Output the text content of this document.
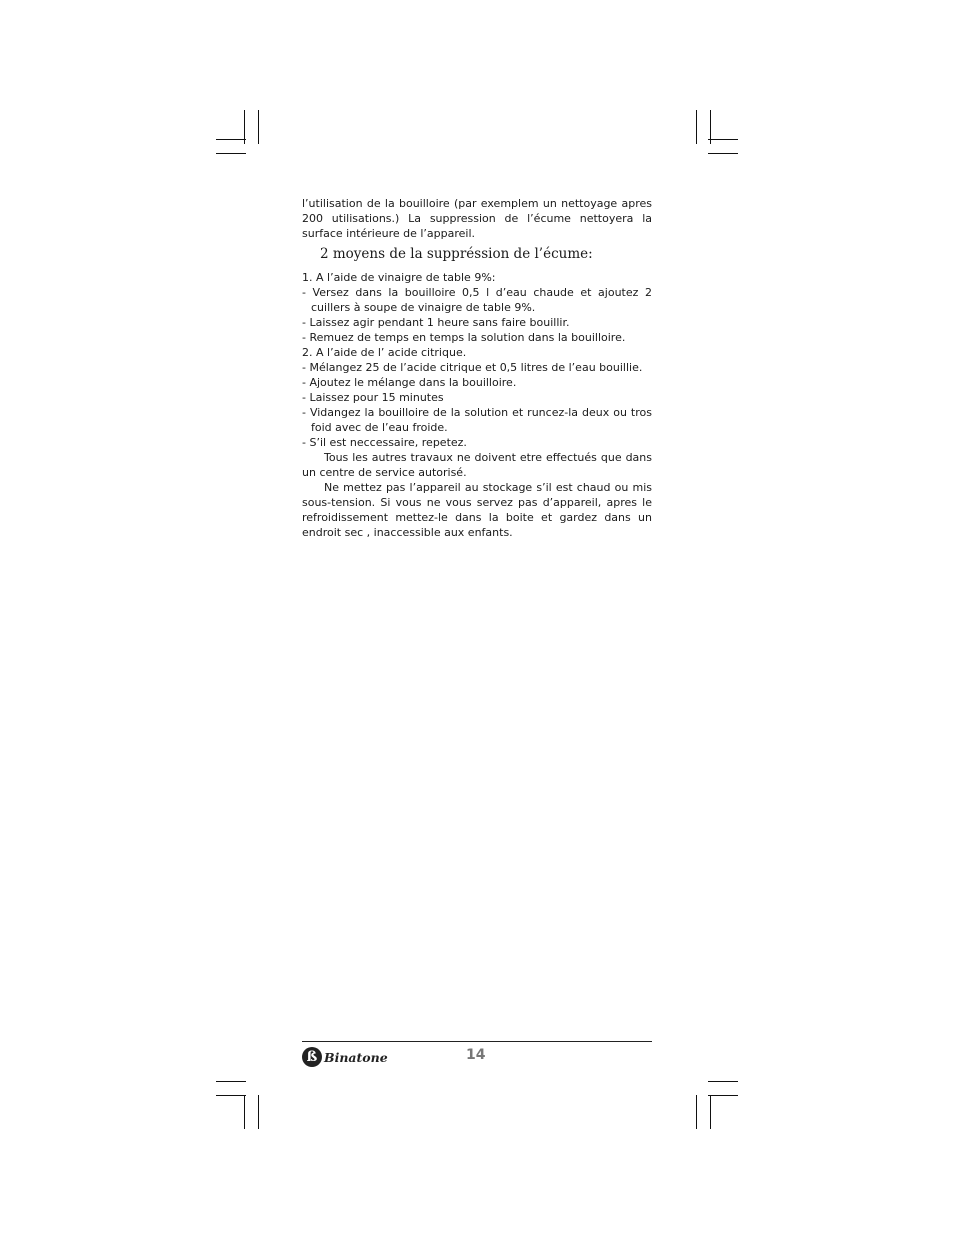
l’utilisation de la bouilloire (par exemplem un nettoyage apres 200 utilisations.) La suppression de l’écume nettoyera la surface intérieure de l’appareil.

2 moyens de la suppréssion de l’écume:

1. A l’aide de vinaigre de table 9%:

- Versez dans la bouilloire 0,5 l d’eau chaude et ajoutez 2 cuillers à soupe de vinaigre de table 9%.

- Laissez agir pendant 1 heure sans faire bouillir.

- Remuez de temps en temps la solution dans la bouilloire.

2. A l’aide de l’ acide citrique.

- Mélangez 25 de l’acide citrique et 0,5 litres de l’eau bouillie.

- Ajoutez le mélange dans la bouilloire.

- Laissez pour 15 minutes

- Vidangez la bouilloire de la solution et runcez-la deux ou tros foid avec de l’eau froide.

- S’il est neccessaire, repetez.

Tous les autres travaux ne doivent etre effectués que dans un centre de service autorisé.

Ne mettez pas l’appareil au stockage s’il est chaud ou mis sous-tension. Si vous ne vous servez pas d’appareil, apres le refroidissement mettez-le dans la boite et gardez dans un endroit sec , inaccessible aux enfants.

ß Binatone	14
